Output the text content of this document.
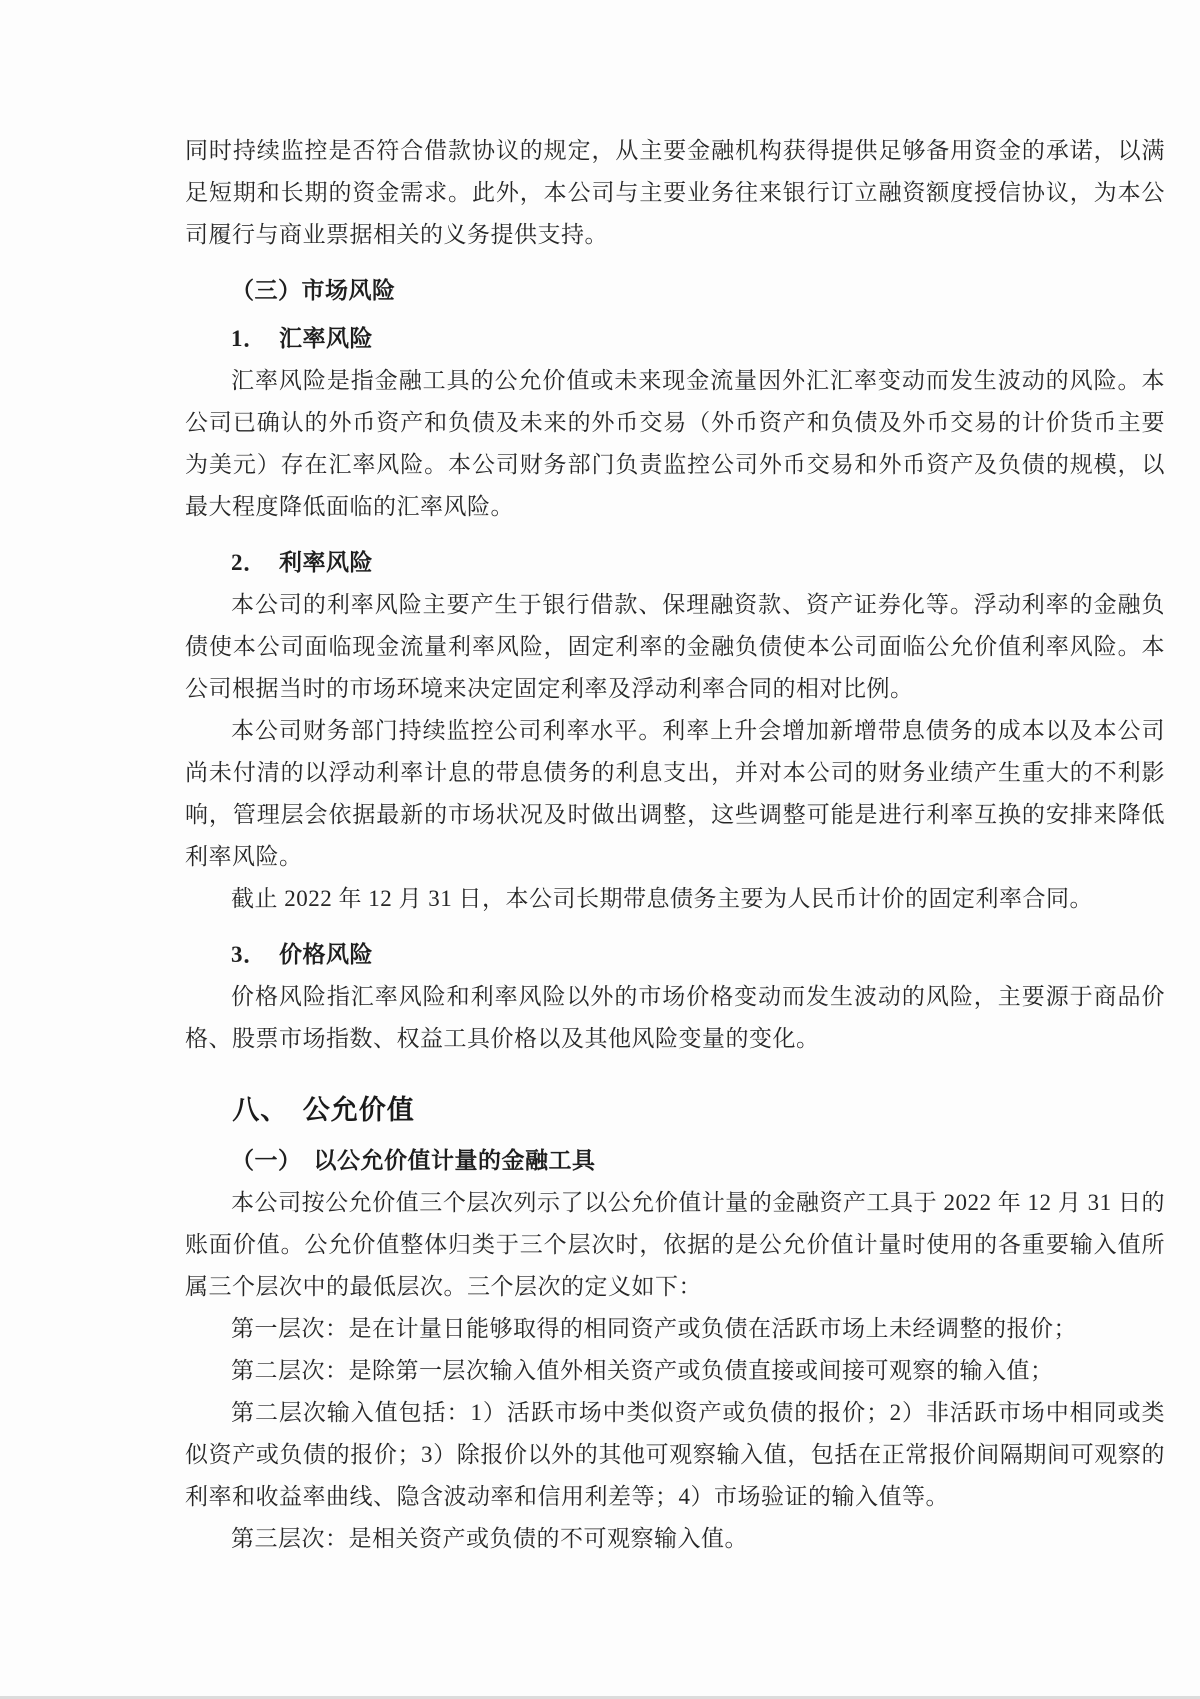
同时持续监控是否符合借款协议的规定，从主要金融机构获得提供足够备用资金的承诺，以满足短期和长期的资金需求。此外，本公司与主要业务往来银行订立融资额度授信协议，为本公司履行与商业票据相关的义务提供支持。

（三）市场风险

1．  汇率风险

汇率风险是指金融工具的公允价值或未来现金流量因外汇汇率变动而发生波动的风险。本公司已确认的外币资产和负债及未来的外币交易（外币资产和负债及外币交易的计价货币主要为美元）存在汇率风险。本公司财务部门负责监控公司外币交易和外币资产及负债的规模，以最大程度降低面临的汇率风险。

2．  利率风险

本公司的利率风险主要产生于银行借款、保理融资款、资产证券化等。浮动利率的金融负债使本公司面临现金流量利率风险，固定利率的金融负债使本公司面临公允价值利率风险。本公司根据当时的市场环境来决定固定利率及浮动利率合同的相对比例。

本公司财务部门持续监控公司利率水平。利率上升会增加新增带息债务的成本以及本公司尚未付清的以浮动利率计息的带息债务的利息支出，并对本公司的财务业绩产生重大的不利影响，管理层会依据最新的市场状况及时做出调整，这些调整可能是进行利率互换的安排来降低利率风险。

截止 2022 年 12 月 31 日，本公司长期带息债务主要为人民币计价的固定利率合同。

3．  价格风险

价格风险指汇率风险和利率风险以外的市场价格变动而发生波动的风险，主要源于商品价格、股票市场指数、权益工具价格以及其他风险变量的变化。

八、　公允价值

（一）　以公允价值计量的金融工具

本公司按公允价值三个层次列示了以公允价值计量的金融资产工具于 2022 年 12 月 31 日的账面价值。公允价值整体归类于三个层次时，依据的是公允价值计量时使用的各重要输入值所属三个层次中的最低层次。三个层次的定义如下：

第一层次：是在计量日能够取得的相同资产或负债在活跃市场上未经调整的报价；

第二层次：是除第一层次输入值外相关资产或负债直接或间接可观察的输入值；

第二层次输入值包括：1）活跃市场中类似资产或负债的报价；2）非活跃市场中相同或类似资产或负债的报价；3）除报价以外的其他可观察输入值，包括在正常报价间隔期间可观察的利率和收益率曲线、隐含波动率和信用利差等；4）市场验证的输入值等。

第三层次：是相关资产或负债的不可观察输入值。
